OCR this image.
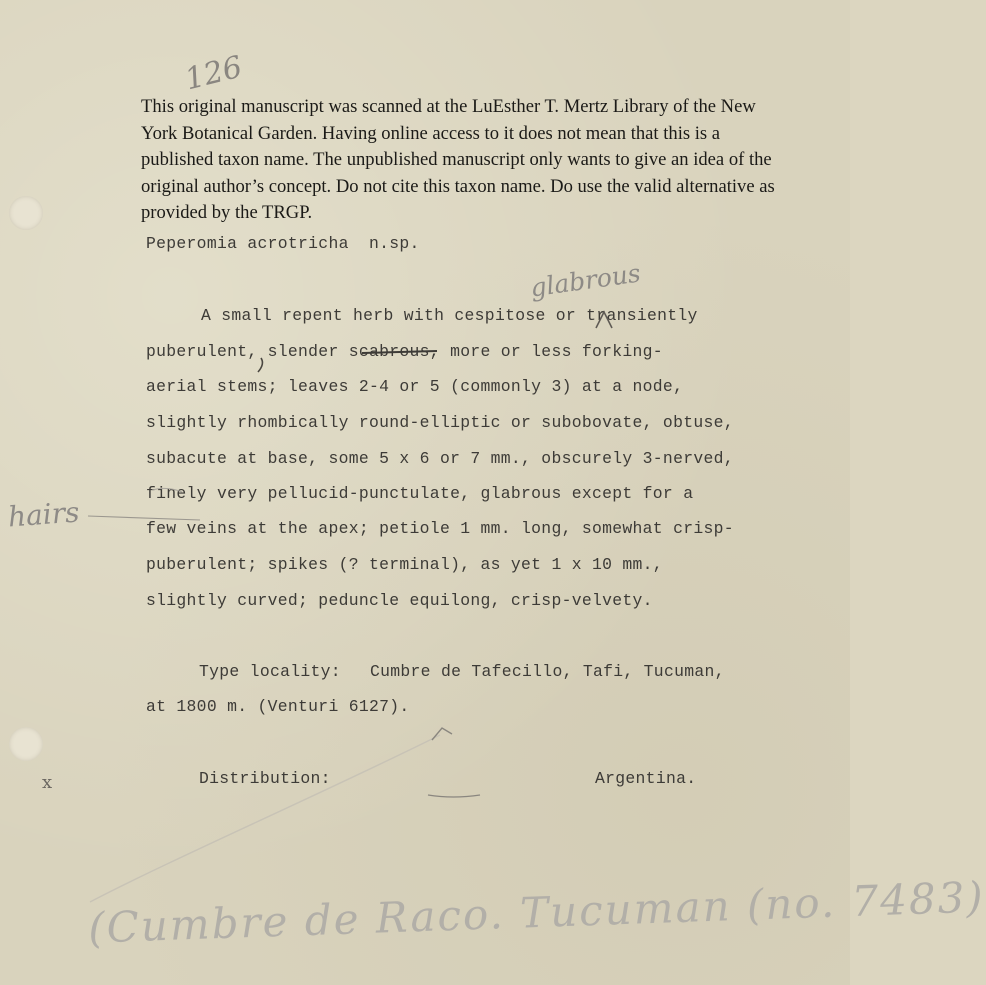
This original manuscript was scanned at the LuEsther T. Mertz Library of the New York Botanical Garden. Having online access to it does not mean that this is a published taxon name. The unpublished manuscript only wants to give an idea of the original author’s concept. Do not cite this taxon name. Do use the valid alternative as provided by the TRGP.

126
Peperomia acrotricha  n.sp.
glabrous
A small repent herb with cespitose or transiently
puberulent, slender scabrous, more or less forking-
aerial stems; leaves 2-4 or 5 (commonly 3) at a node,
slightly rhombically round-elliptic or subobovate, obtuse,
subacute at base, some 5 x 6 or 7 mm., obscurely 3-nerved,
finely very pellucid-punctulate, glabrous except for a
few veins at the apex; petiole 1 mm. long, somewhat crisp-
puberulent; spikes (? terminal), as yet 1 x 10 mm.,
slightly curved; peduncle equilong, crisp-velvety.
hairs
Type locality: Cumbre de Tafecillo, Tafi, Tucuman,
at 1800 m. (Venturi 6127).
Distribution:	Argentina.
x
(Cumbre de Raco. Tucuman (no. 7483)
